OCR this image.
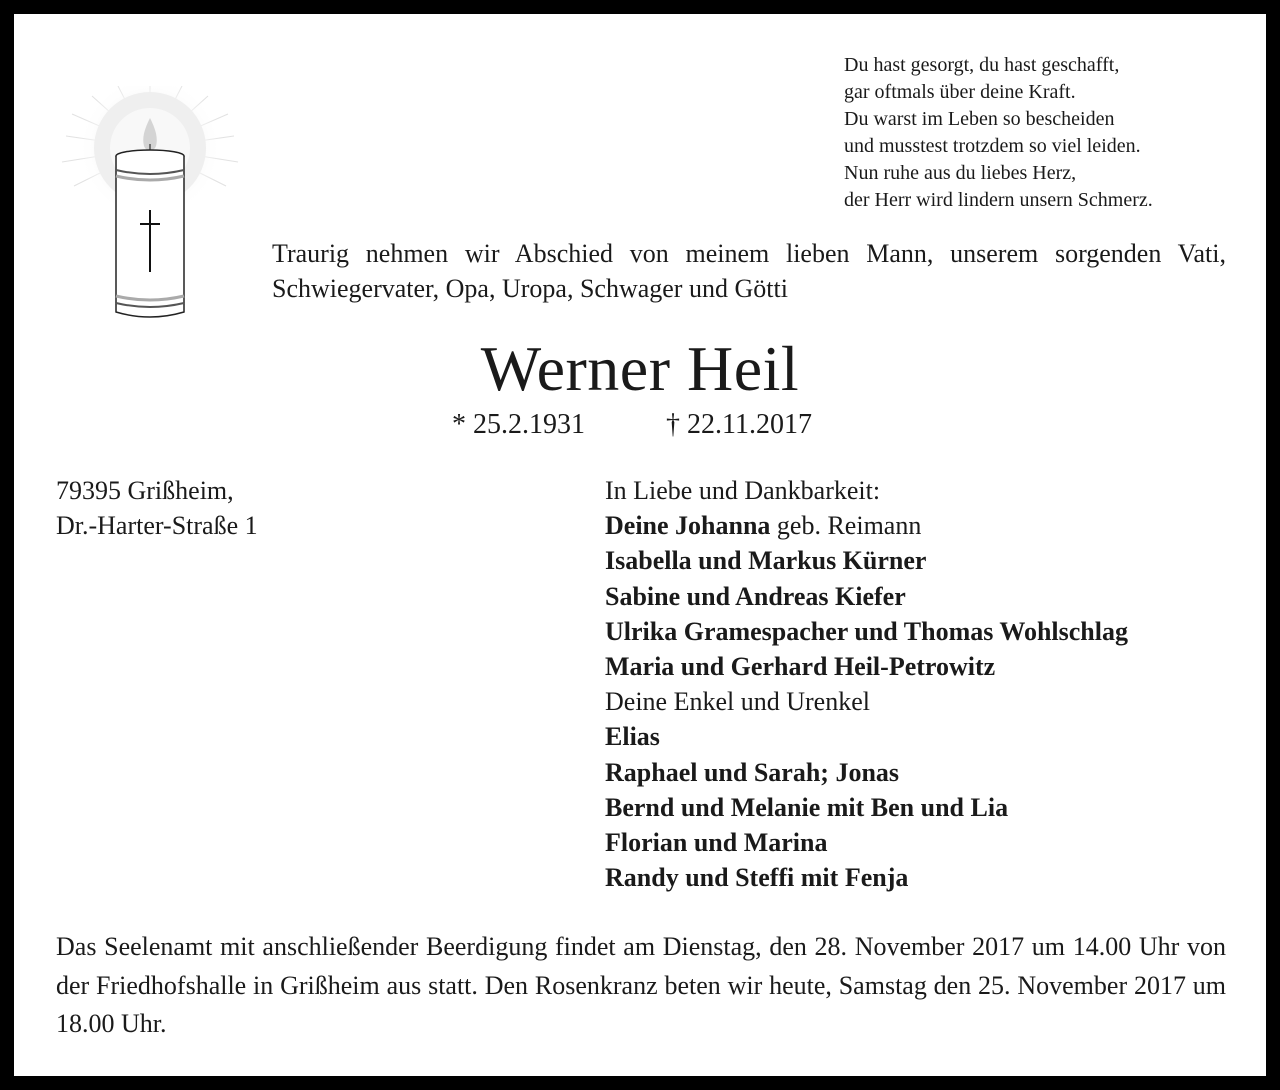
Du hast gesorgt, du hast geschafft,
gar oftmals über deine Kraft.
Du warst im Leben so bescheiden
und musstest trotzdem so viel leiden.
Nun ruhe aus du liebes Herz,
der Herr wird lindern unsern Schmerz.
Traurig nehmen wir Abschied von meinem lieben Mann, unserem sorgenden Vati, Schwiegervater, Opa, Uropa, Schwager und Götti
Werner Heil
* 25.2.1931	† 22.11.2017
79395 Grißheim,
Dr.-Harter-Straße 1
In Liebe und Dankbarkeit:
Deine Johanna geb. Reimann
Isabella und Markus Kürner
Sabine und Andreas Kiefer
Ulrika Gramespacher und Thomas Wohlschlag
Maria und Gerhard Heil-Petrowitz
Deine Enkel und Urenkel
Elias
Raphael und Sarah; Jonas
Bernd und Melanie mit Ben und Lia
Florian und Marina
Randy und Steffi mit Fenja
Das Seelenamt mit anschließender Beerdigung findet am Dienstag, den 28. November 2017 um 14.00 Uhr von der Friedhofshalle in Grißheim aus statt. Den Rosenkranz beten wir heute, Samstag den 25. November 2017 um 18.00 Uhr.
